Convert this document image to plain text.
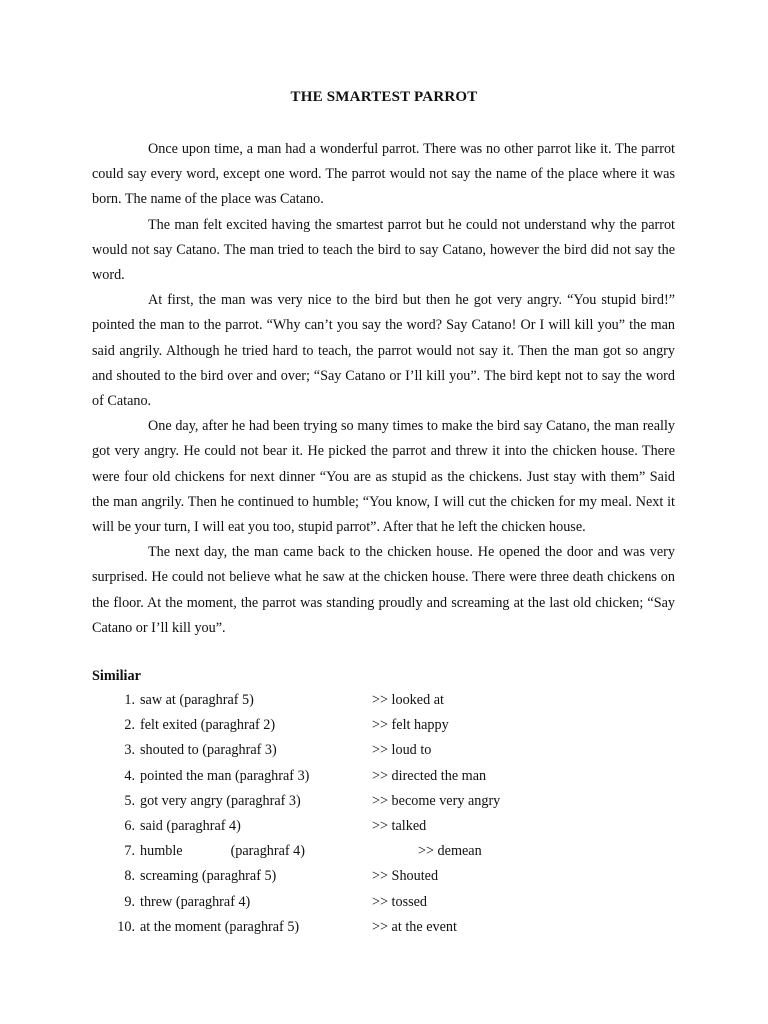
THE SMARTEST PARROT

Once upon time, a man had a wonderful parrot. There was no other parrot like it. The parrot could say every word, except one word. The parrot would not say the name of the place where it was born. The name of the place was Catano.

The man felt excited having the smartest parrot but he could not understand why the parrot would not say Catano. The man tried to teach the bird to say Catano, however the bird did not say the word.

At first, the man was very nice to the bird but then he got very angry. “You stupid bird!” pointed the man to the parrot. “Why can’t you say the word? Say Catano! Or I will kill you” the man said angrily. Although he tried hard to teach, the parrot would not say it. Then the man got so angry and shouted to the bird over and over; “Say Catano or I’ll kill you”. The bird kept not to say the word of Catano.

One day, after he had been trying so many times to make the bird say Catano, the man really got very angry. He could not bear it. He picked the parrot and threw it into the chicken house. There were four old chickens for next dinner “You are as stupid as the chickens. Just stay with them” Said the man angrily. Then he continued to humble; “You know, I will cut the chicken for my meal. Next it will be your turn, I will eat you too, stupid parrot”. After that he left the chicken house.

The next day, the man came back to the chicken house. He opened the door and was very surprised. He could not believe what he saw at the chicken house. There were three death chickens on the floor. At the moment, the parrot was standing proudly and screaming at the last old chicken; “Say Catano or I’ll kill you”.

Similiar
1. saw at (paraghraf 5)	>> looked at
2. felt exited (paraghraf 2)	>> felt happy
3. shouted to (paraghraf 3)	>> loud to
4. pointed the man (paraghraf 3)	>> directed the man
5. got very angry (paraghraf 3)	>> become very angry
6. said (paraghraf 4)	>> talked
7. humble	(paraghraf 4)	>> demean
8. screaming (paraghraf 5)	>> Shouted
9. threw (paraghraf 4)	>> tossed
10. at the moment (paraghraf 5)	>> at the event
